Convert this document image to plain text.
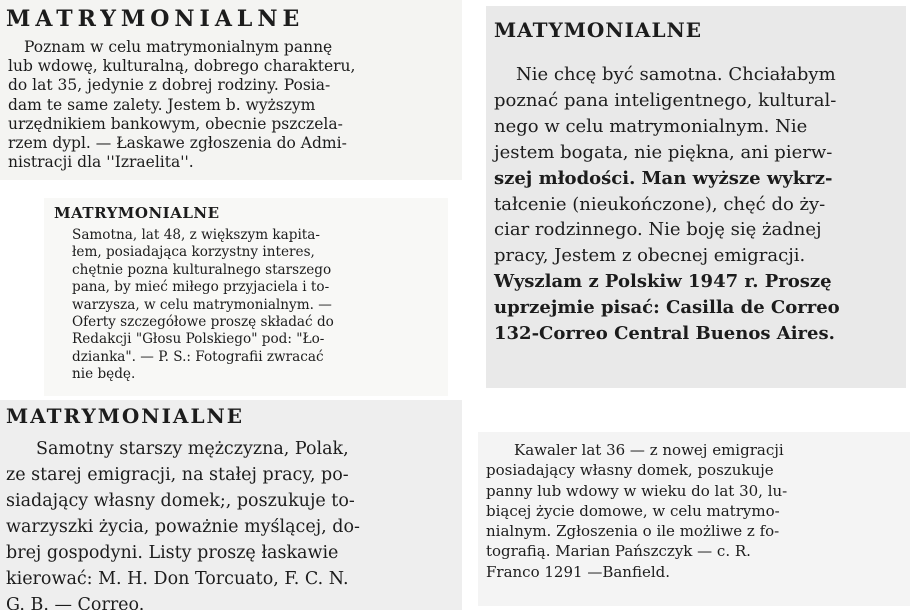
MATRYMONIALNE
Poznam w celu matrymonialnym pannę
lub wdowę, kulturalną, dobrego charakteru,
do lat 35, jedynie z dobrej rodziny. Posia-
dam te same zalety. Jestem b. wyższym
urzędnikiem bankowym, obecnie pszczela-
rzem dypl. — Łaskawe zgłoszenia do Admi-
nistracji dla ''Izraelita''.
MATRYMONIALNE
Samotna, lat 48, z większym kapita-
łem, posiadająca korzystny interes,
chętnie pozna kulturalnego starszego
pana, by mieć miłego przyjaciela i to-
warzysza, w celu matrymonialnym. —
Oferty szczegółowe proszę składać do
Redakcji "Głosu Polskiego" pod: "Ło-
dzianka". — P. S.: Fotografii zwracać
nie będę.
MATYMONIALNE
Nie chcę być samotna. Chciałabym
poznać pana inteligentnego, kultural-
nego w celu matrymonialnym. Nie
jestem bogata, nie piękna, ani pierw-
szej młodości. Man wyższe wykrz-
tałcenie (nieukończone), chęć do ży-
ciar rodzinnego. Nie boję się żadnej
pracy, Jestem z obecnej emigracji.
Wyszlam z Polskiw 1947 r. Proszę
uprzejmie pisać: Casilla de Correo
132-Correo Central Buenos Aires.
MATRYMONIALNE
Samotny starszy mężczyzna, Polak,
ze starej emigracji, na stałej pracy, po-
siadający własny domek;, poszukuje to-
warzyszki życia, poważnie myślącej, do-
brej gospodyni. Listy proszę łaskawie
kierować: M. H. Don Torcuato, F. C. N.
G. B. — Correo.
Kawaler lat 36 — z nowej emigracji
posiadający własny domek, poszukuje
panny lub wdowy w wieku do lat 30, lu-
biącej życie domowe, w celu matrymo-
nialnym. Zgłoszenia o ile możliwe z fo-
tografią. Marian Pańszczyk — c. R.
Franco 1291 —Banfield.
